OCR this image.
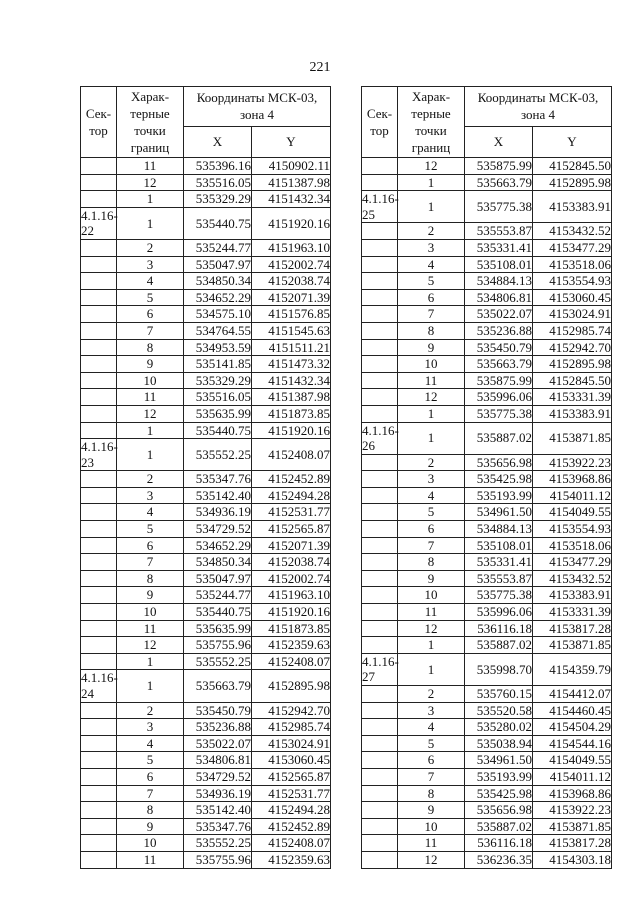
221
Сек-тор	Харак-терные точки границ	Координаты МСК-03, зона 4	
		X	Y
	11	535396.16	4150902.11
	12	535516.05	4151387.98
	1	535329.29	4151432.34
4.1.16-22	1	535440.75	4151920.16
	2	535244.77	4151963.10
	3	535047.97	4152002.74
	4	534850.34	4152038.74
	5	534652.29	4152071.39
	6	534575.10	4151576.85
	7	534764.55	4151545.63
	8	534953.59	4151511.21
	9	535141.85	4151473.32
	10	535329.29	4151432.34
	11	535516.05	4151387.98
	12	535635.99	4151873.85
	1	535440.75	4151920.16
4.1.16-23	1	535552.25	4152408.07
	2	535347.76	4152452.89
	3	535142.40	4152494.28
	4	534936.19	4152531.77
	5	534729.52	4152565.87
	6	534652.29	4152071.39
	7	534850.34	4152038.74
	8	535047.97	4152002.74
	9	535244.77	4151963.10
	10	535440.75	4151920.16
	11	535635.99	4151873.85
	12	535755.96	4152359.63
	1	535552.25	4152408.07
4.1.16-24	1	535663.79	4152895.98
	2	535450.79	4152942.70
	3	535236.88	4152985.74
	4	535022.07	4153024.91
	5	534806.81	4153060.45
	6	534729.52	4152565.87
	7	534936.19	4152531.77
	8	535142.40	4152494.28
	9	535347.76	4152452.89
	10	535552.25	4152408.07
	11	535755.96	4152359.63
Сек-тор	Харак-терные точки границ	Координаты МСК-03, зона 4	
		X	Y
	12	535875.99	4152845.50
	1	535663.79	4152895.98
4.1.16-25	1	535775.38	4153383.91
	2	535553.87	4153432.52
	3	535331.41	4153477.29
	4	535108.01	4153518.06
	5	534884.13	4153554.93
	6	534806.81	4153060.45
	7	535022.07	4153024.91
	8	535236.88	4152985.74
	9	535450.79	4152942.70
	10	535663.79	4152895.98
	11	535875.99	4152845.50
	12	535996.06	4153331.39
	1	535775.38	4153383.91
4.1.16-26	1	535887.02	4153871.85
	2	535656.98	4153922.23
	3	535425.98	4153968.86
	4	535193.99	4154011.12
	5	534961.50	4154049.55
	6	534884.13	4153554.93
	7	535108.01	4153518.06
	8	535331.41	4153477.29
	9	535553.87	4153432.52
	10	535775.38	4153383.91
	11	535996.06	4153331.39
	12	536116.18	4153817.28
	1	535887.02	4153871.85
4.1.16-27	1	535998.70	4154359.79
	2	535760.15	4154412.07
	3	535520.58	4154460.45
	4	535280.02	4154504.29
	5	535038.94	4154544.16
	6	534961.50	4154049.55
	7	535193.99	4154011.12
	8	535425.98	4153968.86
	9	535656.98	4153922.23
	10	535887.02	4153871.85
	11	536116.18	4153817.28
	12	536236.35	4154303.18
